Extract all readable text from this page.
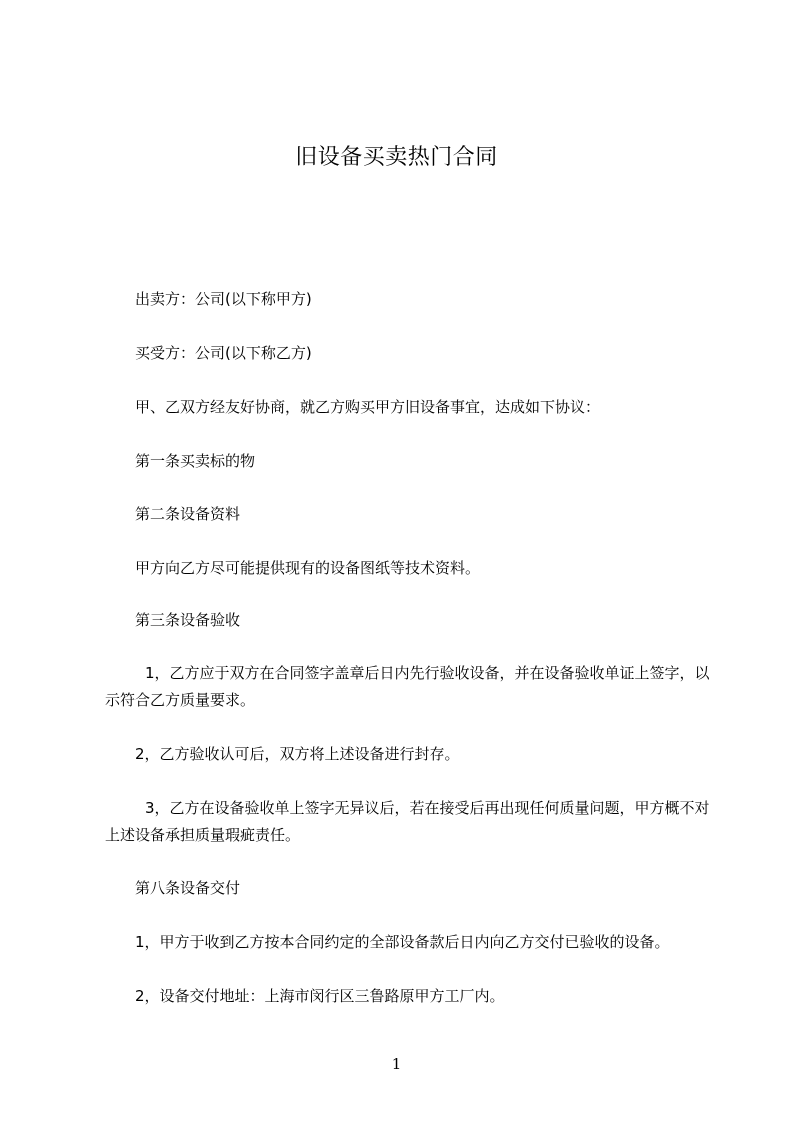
旧设备买卖热门合同

出卖方：公司(以下称甲方)

买受方：公司(以下称乙方)

甲、乙双方经友好协商，就乙方购买甲方旧设备事宜，达成如下协议：

第一条买卖标的物

第二条设备资料

甲方向乙方尽可能提供现有的设备图纸等技术资料。

第三条设备验收

1，乙方应于双方在合同签字盖章后日内先行验收设备，并在设备验收单证上签字，以示符合乙方质量要求。

2，乙方验收认可后，双方将上述设备进行封存。

3，乙方在设备验收单上签字无异议后，若在接受后再出现任何质量问题，甲方概不对上述设备承担质量瑕疵责任。

第八条设备交付

1，甲方于收到乙方按本合同约定的全部设备款后日内向乙方交付已验收的设备。

2，设备交付地址：上海市闵行区三鲁路原甲方工厂内。

1
